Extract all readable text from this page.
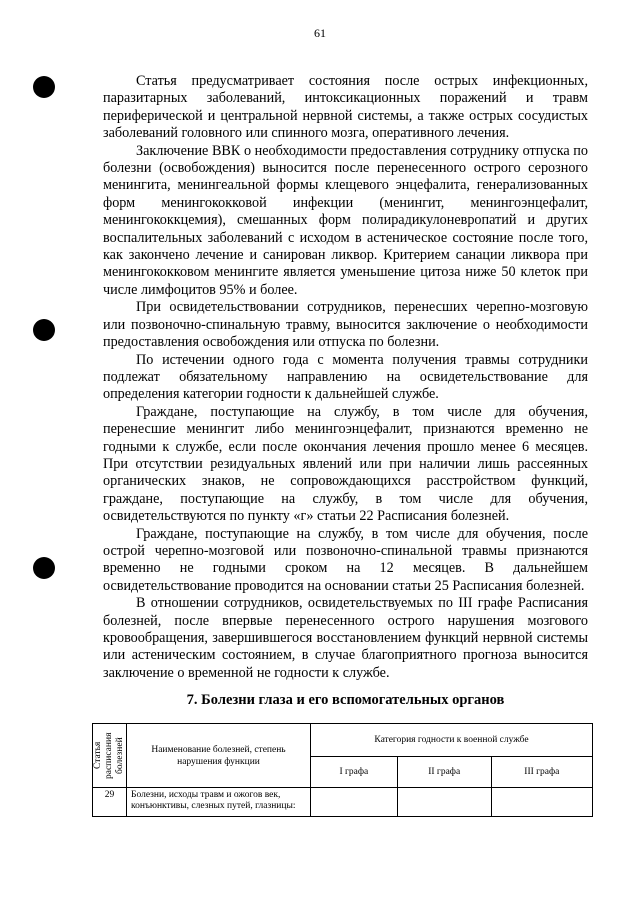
61

Статья предусматривает состояния после острых инфекционных, паразитарных заболеваний, интоксикационных поражений и травм периферической и центральной нервной системы, а также острых сосудистых заболеваний головного или спинного мозга, оперативного лечения.

Заключение ВВК о необходимости предоставления сотруднику отпуска по болезни (освобождения) выносится после перенесенного острого серозного менингита, менингеальной формы клещевого энцефалита, генерализованных форм менингококковой инфекции (менингит, менингоэнцефалит, менингококкцемия), смешанных форм полирадикулоневропатий и других воспалительных заболеваний с исходом в астеническое состояние после того, как закончено лечение и санирован ликвор. Критерием санации ликвора при менингококковом менингите является уменьшение цитоза ниже 50 клеток при числе лимфоцитов 95% и более.

При освидетельствовании сотрудников, перенесших черепно-мозговую или позвоночно-спинальную травму, выносится заключение о необходимости предоставления освобождения или отпуска по болезни.

По истечении одного года с момента получения травмы сотрудники подлежат обязательному направлению на освидетельствование для определения категории годности к дальнейшей службе.

Граждане, поступающие на службу, в том числе для обучения, перенесшие менингит либо менингоэнцефалит, признаются временно не годными к службе, если после окончания лечения прошло менее 6 месяцев. При отсутствии резидуальных явлений или при наличии лишь рассеянных органических знаков, не сопровождающихся расстройством функций, граждане, поступающие на службу, в том числе для обучения, освидетельствуются по пункту «г» статьи 22 Расписания болезней.

Граждане, поступающие на службу, в том числе для обучения, после острой черепно-мозговой или позвоночно-спинальной травмы признаются временно не годными сроком на 12 месяцев. В дальнейшем освидетельствование проводится на основании статьи 25 Расписания болезней.

В отношении сотрудников, освидетельствуемых по III графе Расписания болезней, после впервые перенесенного острого нарушения мозгового кровообращения, завершившегося восстановлением функций нервной системы или астеническим состоянием, в случае благоприятного прогноза выносится заключение о временной не годности к службе.

7. Болезни глаза и его вспомогательных органов
Статья расписания болезней	Наименование болезней, степень нарушения функции	Категория годности к военной службе		
		I графа	II графа	III графа
29	Болезни, исходы травм и ожогов век, конъюнктивы, слезных путей, глазницы:			
